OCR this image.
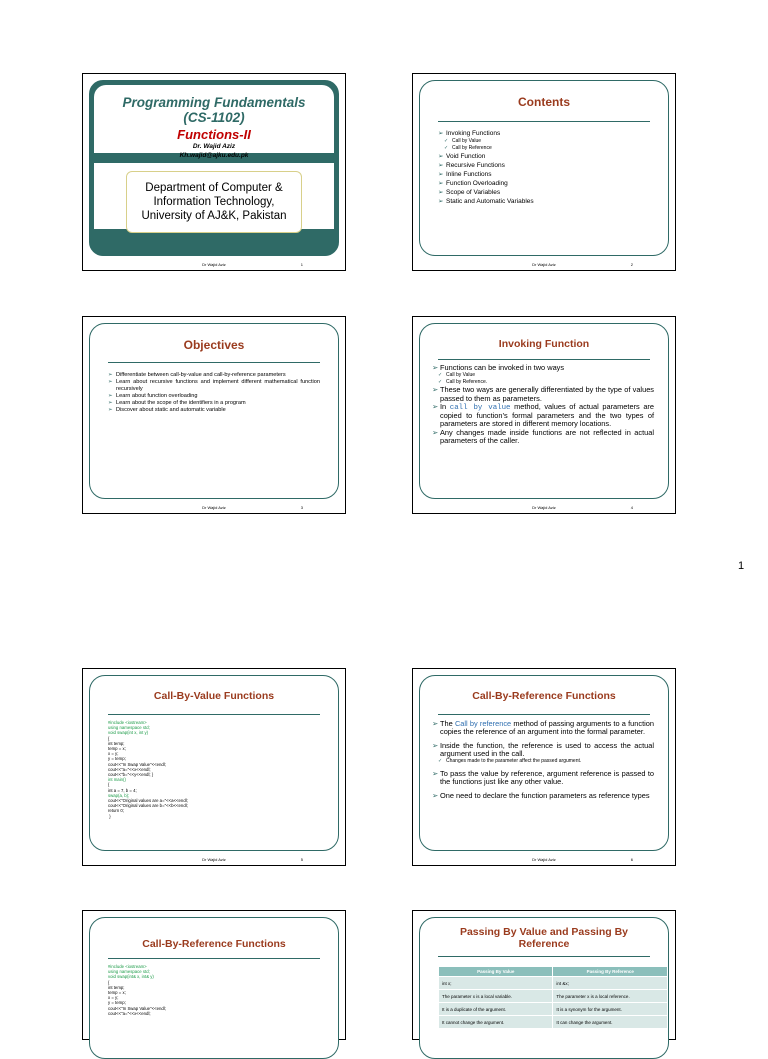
Programming Fundamentals
(CS-1102)
Functions-II
Dr. Wajid Aziz
Kh.wajid@ajku.edu.pk
Department of Computer & Information Technology, University of AJ&K, Pakistan
Dr Wajid Aziz	1
Contents
➢ Invoking Functions
✓ Call by Value
✓ Call by Reference
➢ Void Function
➢ Recursive Functions
➢ Inline Functions
➢ Function Overloading
➢ Scope of Variables
➢ Static and Automatic Variables
Dr Wajid Aziz	2
Objectives
➢ Differentiate between call-by-value and call-by-reference parameters
➢ Learn about recursive functions and implement different mathematical function recursively
➢ Learn about function overloading
➢ Learn about the scope of the identifiers in a program
➢ Discover about static and automatic variable
Dr Wajid Aziz	3
Invoking Function
➢ Functions can be invoked in two ways
✓ Call by Value
✓ Call by Reference.
➢ These two ways are generally differentiated by the type of values passed to them as parameters.
➢ In call by value method, values of actual parameters are copied to function’s formal parameters and the two types of parameters are stored in different memory locations.
➢ Any changes made inside functions are not reflected in actual parameters of the caller.
Dr Wajid Aziz	4
1
Call-By-Value Functions
#include <iostream>
using namespace std;
void swap(int x, int y)
{
int temp;
temp = x;
x = y;
y = temp;
cout<<"In Swap Value"<<endl;
cout<<"a="<<x<<endl;
cout<<"b="<<y<<endl; }
int main()
{
int a = 7, b = 4;
swap(a, b);
cout<<"Original values are a="<<a<<endl;
cout<<"Original values are b="<<b<<endl;
return 0;
}
Dr Wajid Aziz	5
Call-By-Reference Functions
➢ The Call by reference method of passing arguments to a function copies the reference of an argument into the formal parameter.
➢ Inside the function, the reference is used to access the actual argument used in the call.
✓ Changes made to the parameter affect the passed argument.
➢ To pass the value by reference, argument reference is passed to the functions just like any other value.
➢ One need to declare the function parameters as reference types
Dr Wajid Aziz	6
Call-By-Reference Functions
#include <iostream>
using namespace std;
void swap(int& x, int& y)
{
int temp;
temp = x;
x = y;
y = temp;
cout<<"In Swap Value"<<endl;
cout<<"a="<<x<<endl;
Passing By Value and Passing By Reference
Passing By Value	Passing By Reference
int x;	int &x;
The parameter x is a local variable.	The parameter x is a local reference.
It is a duplicate of the argument.	It is a synonym for the argument.
It cannot change the argument.	It can change the argument.
